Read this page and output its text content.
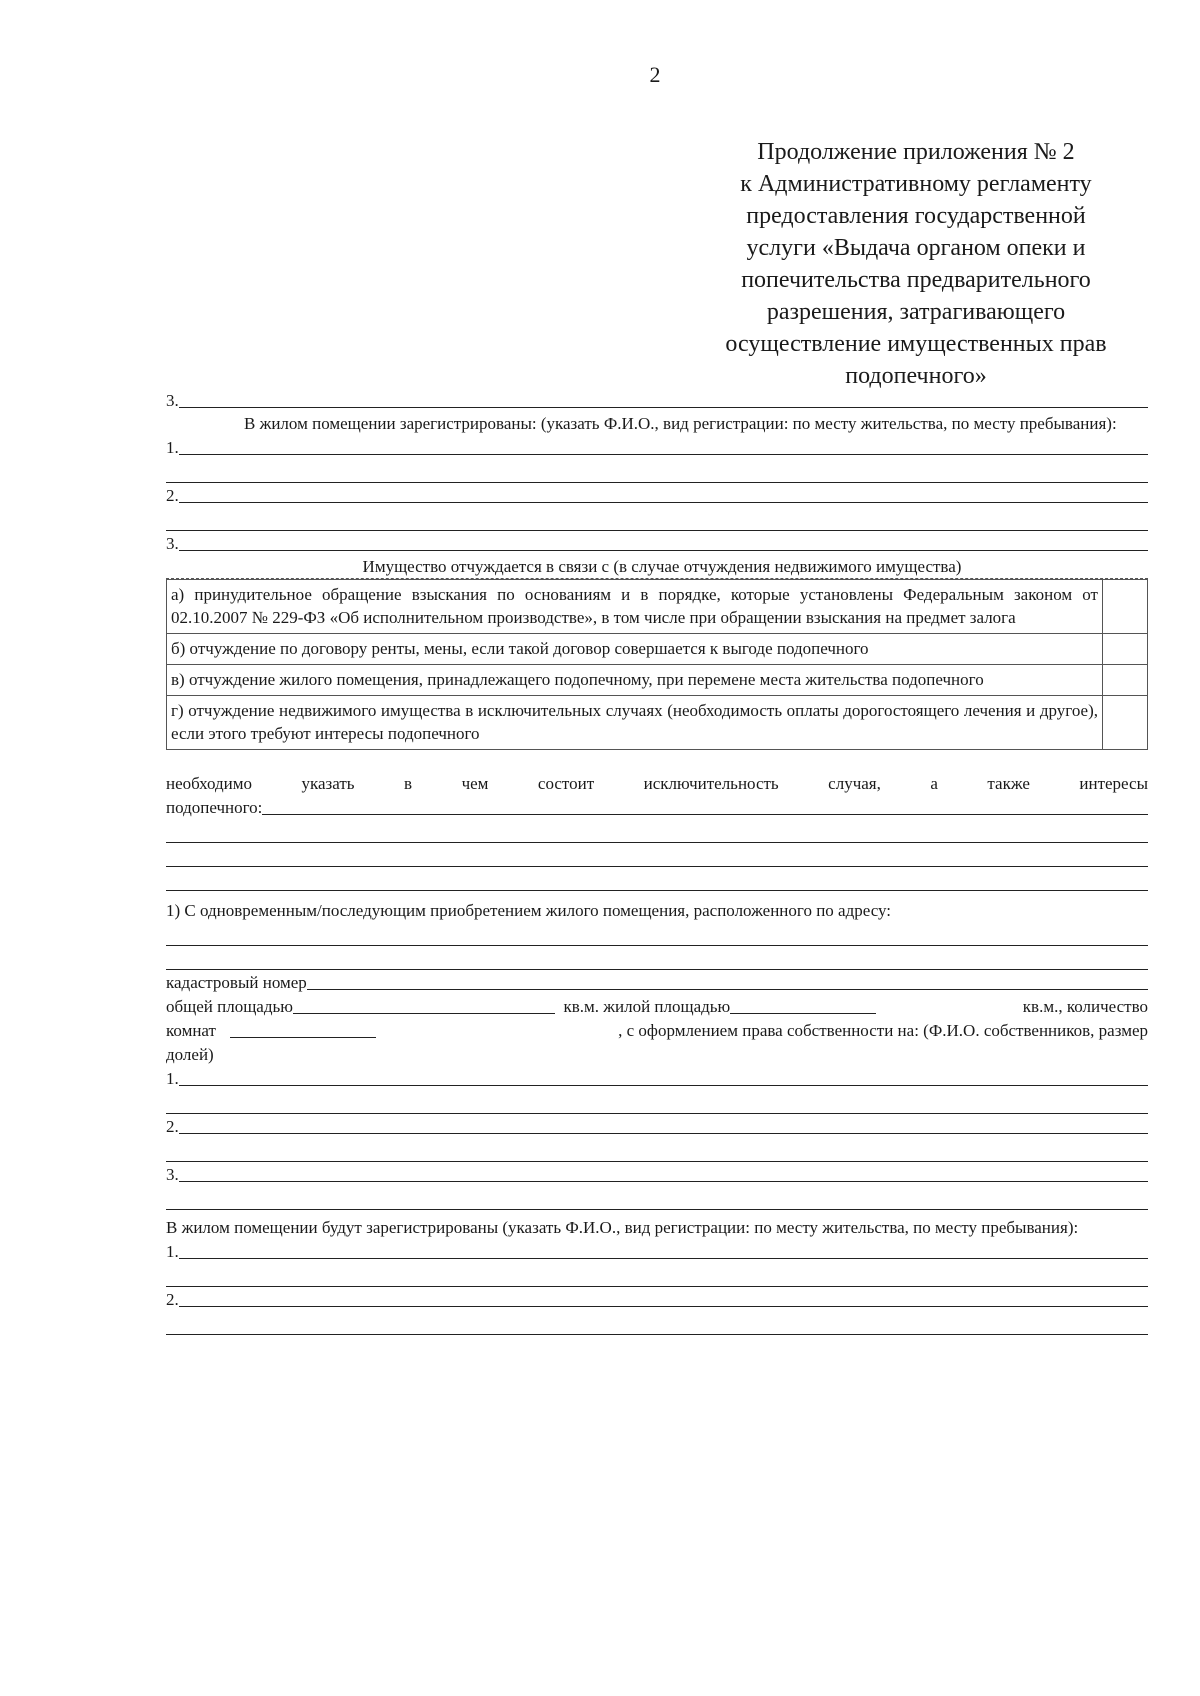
2
Продолжение приложения № 2
к Административному регламенту
предоставления государственной
услуги «Выдача органом опеки и
попечительства предварительного
разрешения, затрагивающего
осуществление имущественных прав
подопечного»
3.
В жилом помещении зарегистрированы: (указать Ф.И.О., вид регистрации: по месту жительства, по месту пребывания):
1.
2.
3.
Имущество отчуждается в связи с (в случае отчуждения недвижимого имущества)
а) принудительное обращение взыскания по основаниям и в порядке, которые установлены Федеральным законом от 02.10.2007 № 229-ФЗ «Об исполнительном производстве», в том числе при обращении взыскания на предмет залога	
б) отчуждение по договору ренты, мены, если такой договор совершается к выгоде подопечного	
в) отчуждение жилого помещения, принадлежащего подопечному, при перемене места жительства подопечного	
г) отчуждение недвижимого имущества в исключительных случаях (необходимость оплаты дорогостоящего лечения и другое), если этого требуют интересы подопечного	
необходимо	указать	в	чем	состоит	исключительность	случая,	а	также	интересы
подопечного:
1) С одновременным/последующим приобретением жилого помещения, расположенного по адресу:
кадастровый номер
общей площадью	кв.м. жилой площадью	кв.м., количество
комнат	, с оформлением права собственности на: (Ф.И.О. собственников, размер
долей)
1.
2.
3.
В жилом помещении будут зарегистрированы (указать Ф.И.О., вид регистрации: по месту жительства, по месту пребывания):
1.
2.
